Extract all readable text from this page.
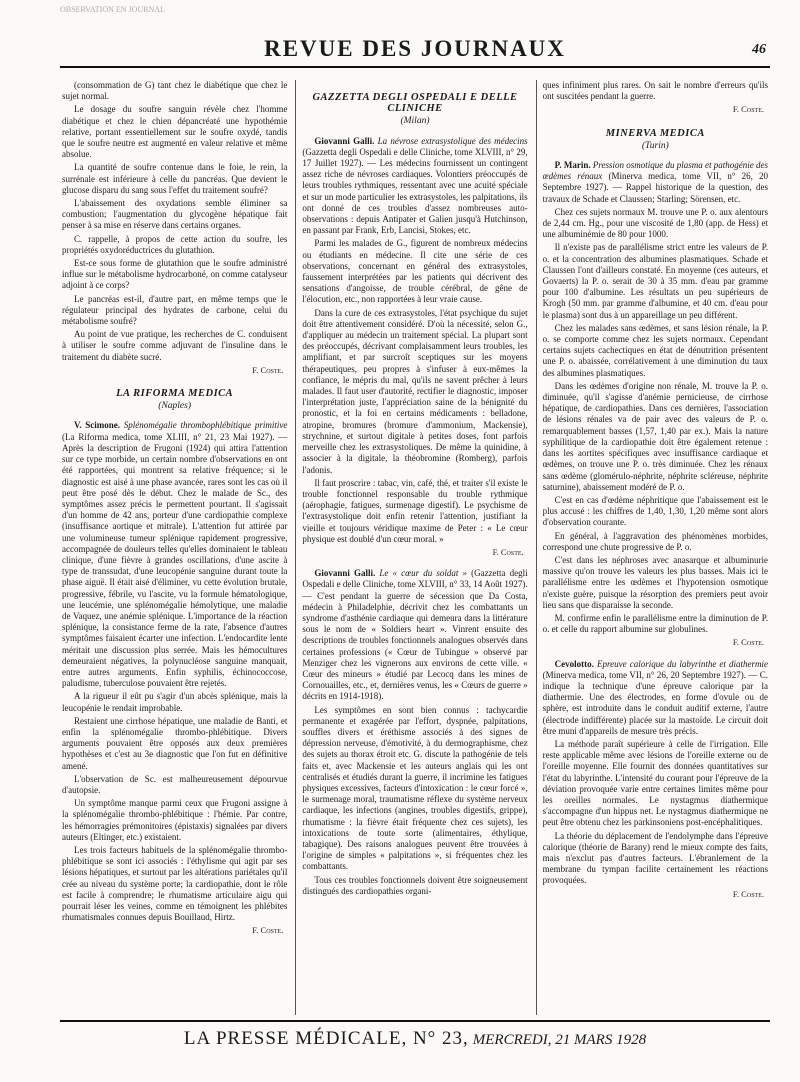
OBSERVATION EN JOURNAL
REVUE DES JOURNAUX	46

(consommation de G) tant chez le diabétique que chez le sujet normal.

Le dosage du soufre sanguin révèle chez l'homme diabétique et chez le chien dépancréaté une hypothémie relative, portant essentiellement sur le soufre oxydé, tandis que le soufre neutre est augmenté en valeur relative et même absolue.

La quantité de soufre contenue dans le foie, le rein, la surrénale est inférieure à celle du pancréas. Que devient le glucose disparu du sang sous l'effet du traitement soufré?

L'abaissement des oxydations semble éliminer sa combustion; l'augmentation du glycogène hépatique fait penser à sa mise en réserve dans certains organes.

C. rappelle, à propos de cette action du soufre, les propriétés oxydoréductrices du glutathion.

Est-ce sous forme de glutathion que le soufre administré influe sur le métabolisme hydrocarboné, on comme catalyseur adjoint à ce corps?

Le pancréas est-il, d'autre part, en même temps que le régulateur principal des hydrates de carbone, celui du métabolisme soufré?

Au point de vue pratique, les recherches de C. conduisent à utiliser le soufre comme adjuvant de l'insuline dans le traitement du diabète sucré.

F. Coste.

LA RIFORMA MEDICA
(Naples)

V. Scimone. Splénomégalie thrombophlébitique primitive (La Riforma medica, tome XLIII, n° 21, 23 Mai 1927). — Après la description de Frugoni (1924) qui attira l'attention sur ce type morbide, un certain nombre d'observations en ont été rapportées, qui montrent sa relative fréquence; si le diagnostic est aisé à une phase avancée, rares sont les cas où il peut être posé dès le début. Chez le malade de Sc., des symptômes assez précis le permettent pourtant. Il s'agissait d'un homme de 42 ans, porteur d'une cardiopathie complexe (insuffisance aortique et mitrale). L'attention fut attirée par une volumineuse tumeur splénique rapidement progressive, accompagnée de douleurs telles qu'elles dominaient le tableau clinique, d'une fièvre à grandes oscillations, d'une ascite à type de transsudat, d'une leucopénie sanguine durant toute la phase aiguë. Il était aisé d'éliminer, vu cette évolution brutale, progressive, fébrile, vu l'ascite, vu la formule hématologique, une leucémie, une splénomégalie hémolytique, une maladie de Vaquez, une anémie splénique. L'importance de la réaction splénique, la consistance ferme de la rate, l'absence d'autres symptômes faisaient écarter une infection. L'endocardite lente méritait une discussion plus serrée. Mais les hémocultures demeuraient négatives, la polynucléose sanguine manquait, entre autres arguments. Enfin syphilis, échinococcose, paludisme, tuberculose pouvaient être rejetés.

A la rigueur il eût pu s'agir d'un abcès splénique, mais la leucopénie le rendait improbable.

Restaient une cirrhose hépatique, une maladie de Banti, et enfin la splénomégalie thrombo-phlébitique. Divers arguments pouvaient être opposés aux deux premières hypothèses et c'est au 3e diagnostic que l'on fut en définitive amené.

L'observation de Sc. est malheureusement dépourvue d'autopsie.

Un symptôme manque parmi ceux que Frugoni assigne à la splénomégalie thrombo-phlébitique : l'hémie. Par contre, les hémorragies prémonitoires (épistaxis) signalées par divers auteurs (Eltinger, etc.) existaient.

Les trois facteurs habituels de la splénomégalie thrombo-phlébitique se sont ici associés : l'éthylisme qui agit par ses lésions hépatiques, et surtout par les altérations pariétales qu'il crée au niveau du système porte; la cardiopathie, dont le rôle est facile à comprendre; le rhumatisme articulaire aigu qui pourrait léser les veines, comme en témoignent les phlébites rhumatismales connues depuis Bouillaud, Hirtz.

F. Coste.

GAZZETTA DEGLI OSPEDALI E DELLE CLINICHE
(Milan)

Giovanni Galli. La névrose extrasystolique des médecins (Gazzetta degli Ospedali e delle Cliniche, tome XLVIII, n° 29, 17 Juillet 1927). — Les médecins fournissent un contingent assez riche de névroses cardiaques. Volontiers préoccupés de leurs troubles rythmiques, ressentant avec une acuité spéciale et sur un mode particulier les extrasystoles, les palpitations, ils ont donné de ces troubles d'assez nombreuses auto-observations : depuis Antipater et Galien jusqu'à Hutchinson, en passant par Frank, Erb, Lancisi, Stokes, etc.

Parmi les malades de G., figurent de nombreux médecins ou étudiants en médecine. Il cite une série de ces observations, concernant en général des extrasystoles, faussement interprétées par les patients qui décrivent des sensations d'angoisse, de trouble cérébral, de gêne de l'élocution, etc., non rapportées à leur vraie cause.

Dans la cure de ces extrasystoles, l'état psychique du sujet doit être attentivement considéré. D'où la nécessité, selon G., d'appliquer au médecin un traitement spécial. La plupart sont des préoccupés, décrivant complaisamment leurs troubles, les amplifiant, et par surcroît sceptiques sur les moyens thérapeutiques, peu propres à s'infuser à eux-mêmes la confiance, le mépris du mal, qu'ils ne savent prêcher à leurs malades. Il faut user d'autorité, rectifier le diagnostic, imposer l'interprétation juste, l'appréciation saine de la bénignité du pronostic, et la foi en certains médicaments : belladone, atropine, bromures (bromure d'ammonium, Mackensie), strychnine, et surtout digitale à petites doses, font parfois merveille chez les extrasystoliques. De même la quinidine, à associer à la digitale, la théobromine (Romberg), parfois l'adonis.

Il faut proscrire : tabac, vin, café, thé, et traiter s'il existe le trouble fonctionnel responsable du trouble rythmique (aérophagie, fatigues, surmenage digestif). Le psychisme de l'extrasystolique doit enfin retenir l'attention, justifiant la vieille et toujours véridique maxime de Peter : « Le cœur physique est doublé d'un cœur moral. »

F. Coste.

Giovanni Galli. Le « cœur du soldat » (Gazzetta degli Ospedali e delle Cliniche, tome XLVIII, n° 33, 14 Août 1927). — C'est pendant la guerre de sécession que Da Costa, médecin à Philadelphie, décrivit chez les combattants un syndrome d'asthénie cardiaque qui demeura dans la littérature sous le nom de « Soldiers heart ». Vinrent ensuite des descriptions de troubles fonctionnels analogues observés dans certaines professions (« Cœur de Tubingue » observé par Menziger chez les vignerons aux environs de cette ville. « Cœur des mineurs » étudié par Lecocq dans les mines de Cornouailles, etc., et, dernières venus, les « Cœurs de guerre » décrits en 1914-1918).

Les symptômes en sont bien connus : tachycardie permanente et exagérée par l'effort, dyspnée, palpitations, souffles divers et éréthisme associés à des signes de dépression nerveuse, d'émotivité, à du dermographisme, chez des sujets au thorax étroit etc. G. discute la pathogénie de tels faits et, avec Mackensie et les auteurs anglais qui les ont centralisés et étudiés durant la guerre, il incrimine les fatigues physiques excessives, facteurs d'intoxication : le cœur forcé », le surmenage moral, traumatisme réflexe du système nerveux cardiaque, les infections (angines, troubles digestifs, grippe), rhumatisme : la fièvre était fréquente chez ces sujets), les intoxications de toute sorte (alimentaires, éthylique, tabagique). Des raisons analogues peuvent être trouvées à l'origine de simples « palpitations », si fréquentes chez les combattants.

Tous ces troubles fonctionnels doivent être soigneusement distingués des cardiopathies organi-

ques infiniment plus rares. On sait le nombre d'erreurs qu'ils ont suscitées pendant la guerre.

F. Coste.

MINERVA MEDICA
(Turin)

P. Marin. Pression osmotique du plasma et pathogénie des œdèmes rénaux (Minerva medica, tome VII, n° 26, 20 Septembre 1927). — Rappel historique de la question, des travaux de Schade et Claussen; Starling; Sörensen, etc.

Chez ces sujets normaux M. trouve une P. o. aux alentours de 2,44 cm. Hg., pour une viscosité de 1,80 (app. de Hess) et une albuminémie de 80 pour 1000.

Il n'existe pas de parallélisme strict entre les valeurs de P. o. et la concentration des albumines plasmatiques. Schade et Claussen l'ont d'ailleurs constaté. En moyenne (ces auteurs, et Govaerts) la P. o. serait de 30 à 35 mm. d'eau par gramme pour 100 d'albumine. Les résultats un peu supérieurs de Krogh (50 mm. par gramme d'albumine, et 40 cm. d'eau pour le plasma) sont dus à un appareillage un peu différent.

Chez les malades sans œdèmes, et sans lésion rénale, la P. o. se comporte comme chez les sujets normaux. Cependant certains sujets cachectiques en état de dénutrition présentent une P. o. abaissée, corrélativement à une diminution du taux des albumines plasmatiques.

Dans les œdèmes d'origine non rénale, M. trouve la P. o. diminuée, qu'il s'agisse d'anémie pernicieuse, de cirrhose hépatique, de cardiopathies. Dans ces dernières, l'association de lésions rénales va de pair avec des valeurs de P. o. remarquablement basses (1,57, 1,40 par ex.). Mais la nature syphilitique de la cardiopathie doit être également retenue : dans les aortites spécifiques avec insuffisance cardiaque et œdèmes, on trouve une P. o. très diminuée. Chez les rénaux sans œdème (glomérulo-néphrite, néphrite scléreuse, néphrite saturnine), abaissement modéré de P. o.

C'est en cas d'œdème néphritique que l'abaissement est le plus accusé : les chiffres de 1,40, 1,30, 1,20 même sont alors d'observation courante.

En général, à l'aggravation des phénomènes morbides, correspond une chute progressive de P. o.

C'est dans les néphroses avec anasarque et albuminurie massive qu'on trouve les valeurs les plus basses. Mais ici le parallélisme entre les œdèmes et l'hypotension osmotique n'existe guère, puisque la résorption des premiers peut avoir lieu sans que disparaisse la seconde.

M. confirme enfin le parallélisme entre la diminution de P. o. et celle du rapport albumine sur globulines.

F. Coste.

Cevolotto. Epreuve calorique du labyrinthe et diathermie (Minerva medica, tome VII, n° 26, 20 Septembre 1927). — C. indique la technique d'une épreuve calorique par la diathermie. Une des électrodes, en forme d'ovule ou de sphère, est introduite dans le conduit auditif externe, l'autre (électrode indifférente) placée sur la mastoïde. Le circuit doit être muni d'appareils de mesure très précis.

La méthode paraît supérieure à celle de l'irrigation. Elle reste applicable même avec lésions de l'oreille externe ou de l'oreille moyenne. Elle fournit des données quantitatives sur l'état du labyrinthe. L'intensité du courant pour l'épreuve de la déviation provoquée varie entre certaines limites même pour les oreilles normales. Le nystagmus diathermique s'accompagne d'un hippus net. Le nystagmus diathermique ne peut être obtenu chez les parkinsoniens post-encéphalitiques.

La théorie du déplacement de l'endolymphe dans l'épreuve calorique (théorie de Barany) rend le mieux compte des faits, mais n'exclut pas d'autres facteurs. L'ébranlement de la membrane du tympan facilite certainement les réactions provoquées.

F. Coste.

LA PRESSE MÉDICALE, N° 23, MERCREDI, 21 MARS 1928
